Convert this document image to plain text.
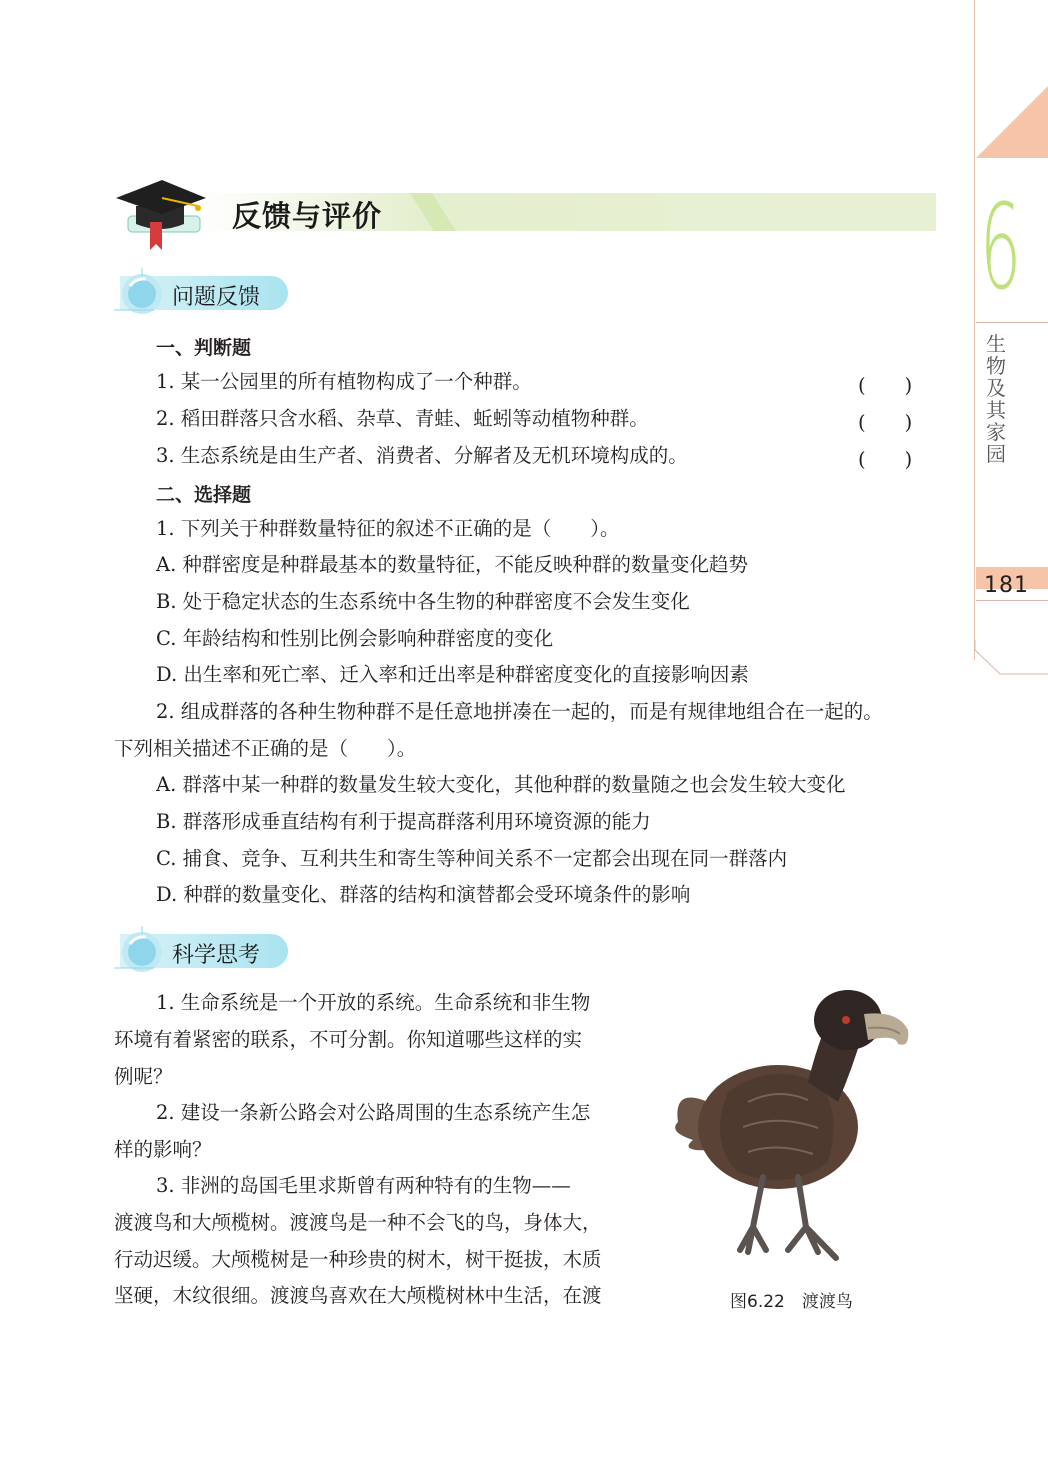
6
生物及其家园
181
反馈与评价
问题反馈
一、判断题
1. 某一公园里的所有植物构成了一个种群。	(　　)
2. 稻田群落只含水稻、杂草、青蛙、蚯蚓等动植物种群。	(　　)
3. 生态系统是由生产者、消费者、分解者及无机环境构成的。	(　　)
二、选择题
1. 下列关于种群数量特征的叙述不正确的是（　　）。
A. 种群密度是种群最基本的数量特征，不能反映种群的数量变化趋势
B. 处于稳定状态的生态系统中各生物的种群密度不会发生变化
C. 年龄结构和性别比例会影响种群密度的变化
D. 出生率和死亡率、迁入率和迁出率是种群密度变化的直接影响因素
2. 组成群落的各种生物种群不是任意地拼凑在一起的，而是有规律地组合在一起的。
下列相关描述不正确的是（　　）。
A. 群落中某一种群的数量发生较大变化，其他种群的数量随之也会发生较大变化
B. 群落形成垂直结构有利于提高群落利用环境资源的能力
C. 捕食、竞争、互利共生和寄生等种间关系不一定都会出现在同一群落内
D. 种群的数量变化、群落的结构和演替都会受环境条件的影响
科学思考
1. 生命系统是一个开放的系统。生命系统和非生物
环境有着紧密的联系，不可分割。你知道哪些这样的实
例呢？
2. 建设一条新公路会对公路周围的生态系统产生怎
样的影响？
3. 非洲的岛国毛里求斯曾有两种特有的生物——
渡渡鸟和大颅榄树。渡渡鸟是一种不会飞的鸟，身体大，
行动迟缓。大颅榄树是一种珍贵的树木，树干挺拔，木质
坚硬，木纹很细。渡渡鸟喜欢在大颅榄树林中生活，在渡	图6.22　渡渡鸟
